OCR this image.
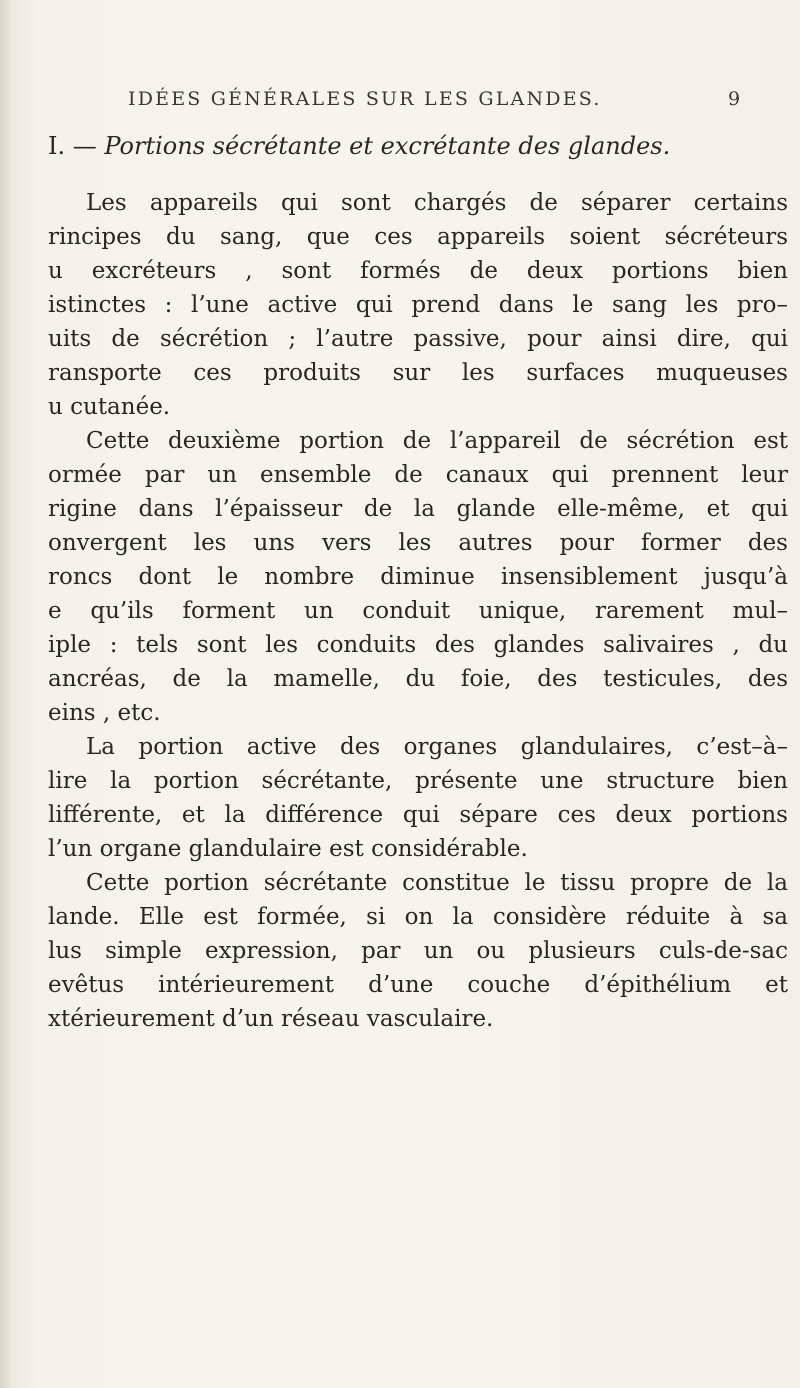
IDÉES GÉNÉRALES SUR LES GLANDES.	9
I. — Portions sécrétante et excrétante des glandes.
Les appareils qui sont chargés de séparer certains
rincipes du sang, que ces appareils soient sécréteurs
u excréteurs , sont formés de deux portions bien
istinctes : l’une active qui prend dans le sang les pro–
uits de sécrétion ; l’autre passive, pour ainsi dire, qui
ransporte ces produits sur les surfaces muqueuses
u cutanée.
Cette deuxième portion de l’appareil de sécrétion est
ormée par un ensemble de canaux qui prennent leur
rigine dans l’épaisseur de la glande elle-même, et qui
onvergent les uns vers les autres pour former des
roncs dont le nombre diminue insensiblement jusqu’à
e qu’ils forment un conduit unique, rarement mul–
iple : tels sont les conduits des glandes salivaires , du
ancréas, de la mamelle, du foie, des testicules, des
eins , etc.
La portion active des organes glandulaires, c’est–à–
lire la portion sécrétante, présente une structure bien
lifférente, et la différence qui sépare ces deux portions
l’un organe glandulaire est considérable.
Cette portion sécrétante constitue le tissu propre de la
lande. Elle est formée, si on la considère réduite à sa
lus simple expression, par un ou plusieurs culs-de-sac
evêtus intérieurement d’une couche d’épithélium et
xtérieurement d’un réseau vasculaire.
